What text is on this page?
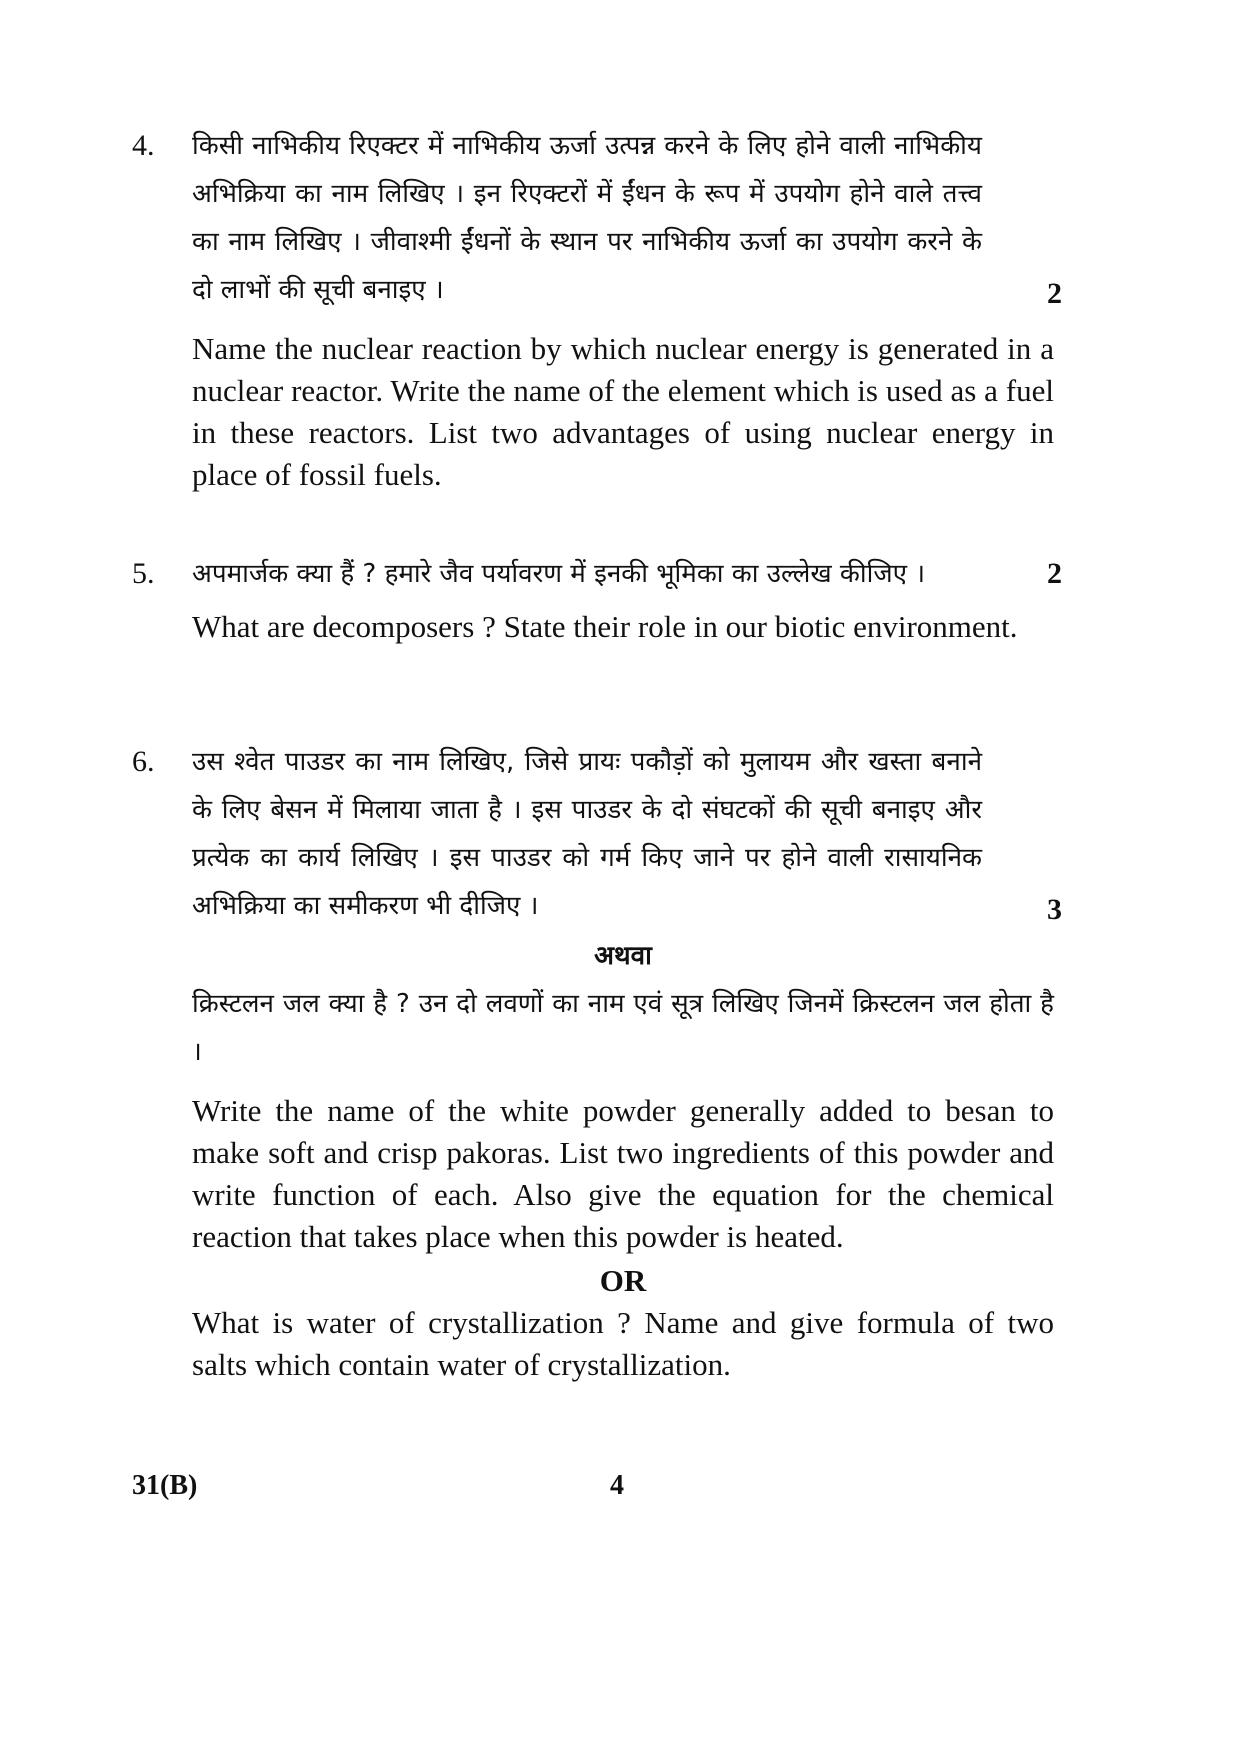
4. किसी नाभिकीय रिएक्टर में नाभिकीय ऊर्जा उत्पन्न करने के लिए होने वाली नाभिकीय अभिक्रिया का नाम लिखिए । इन रिएक्टरों में ईंधन के रूप में उपयोग होने वाले तत्त्व का नाम लिखिए । जीवाश्मी ईंधनों के स्थान पर नाभिकीय ऊर्जा का उपयोग करने के दो लाभों की सूची बनाइए ।

Name the nuclear reaction by which nuclear energy is generated in a nuclear reactor. Write the name of the element which is used as a fuel in these reactors. List two advantages of using nuclear energy in place of fossil fuels.

2
5. अपमार्जक क्या हैं ? हमारे जैव पर्यावरण में इनकी भूमिका का उल्लेख कीजिए ।

What are decomposers ? State their role in our biotic environment.

2
6. उस श्वेत पाउडर का नाम लिखिए, जिसे प्रायः पकौड़ों को मुलायम और खस्ता बनाने के लिए बेसन में मिलाया जाता है । इस पाउडर के दो संघटकों की सूची बनाइए और प्रत्येक का कार्य लिखिए । इस पाउडर को गर्म किए जाने पर होने वाली रासायनिक अभिक्रिया का समीकरण भी दीजिए ।

अथवा

क्रिस्टलन जल क्या है ? उन दो लवणों का नाम एवं सूत्र लिखिए जिनमें क्रिस्टलन जल होता है ।

Write the name of the white powder generally added to besan to make soft and crisp pakoras. List two ingredients of this powder and write function of each. Also give the equation for the chemical reaction that takes place when this powder is heated.

OR

What is water of crystallization ? Name and give formula of two salts which contain water of crystallization.

3
31(B)	4
